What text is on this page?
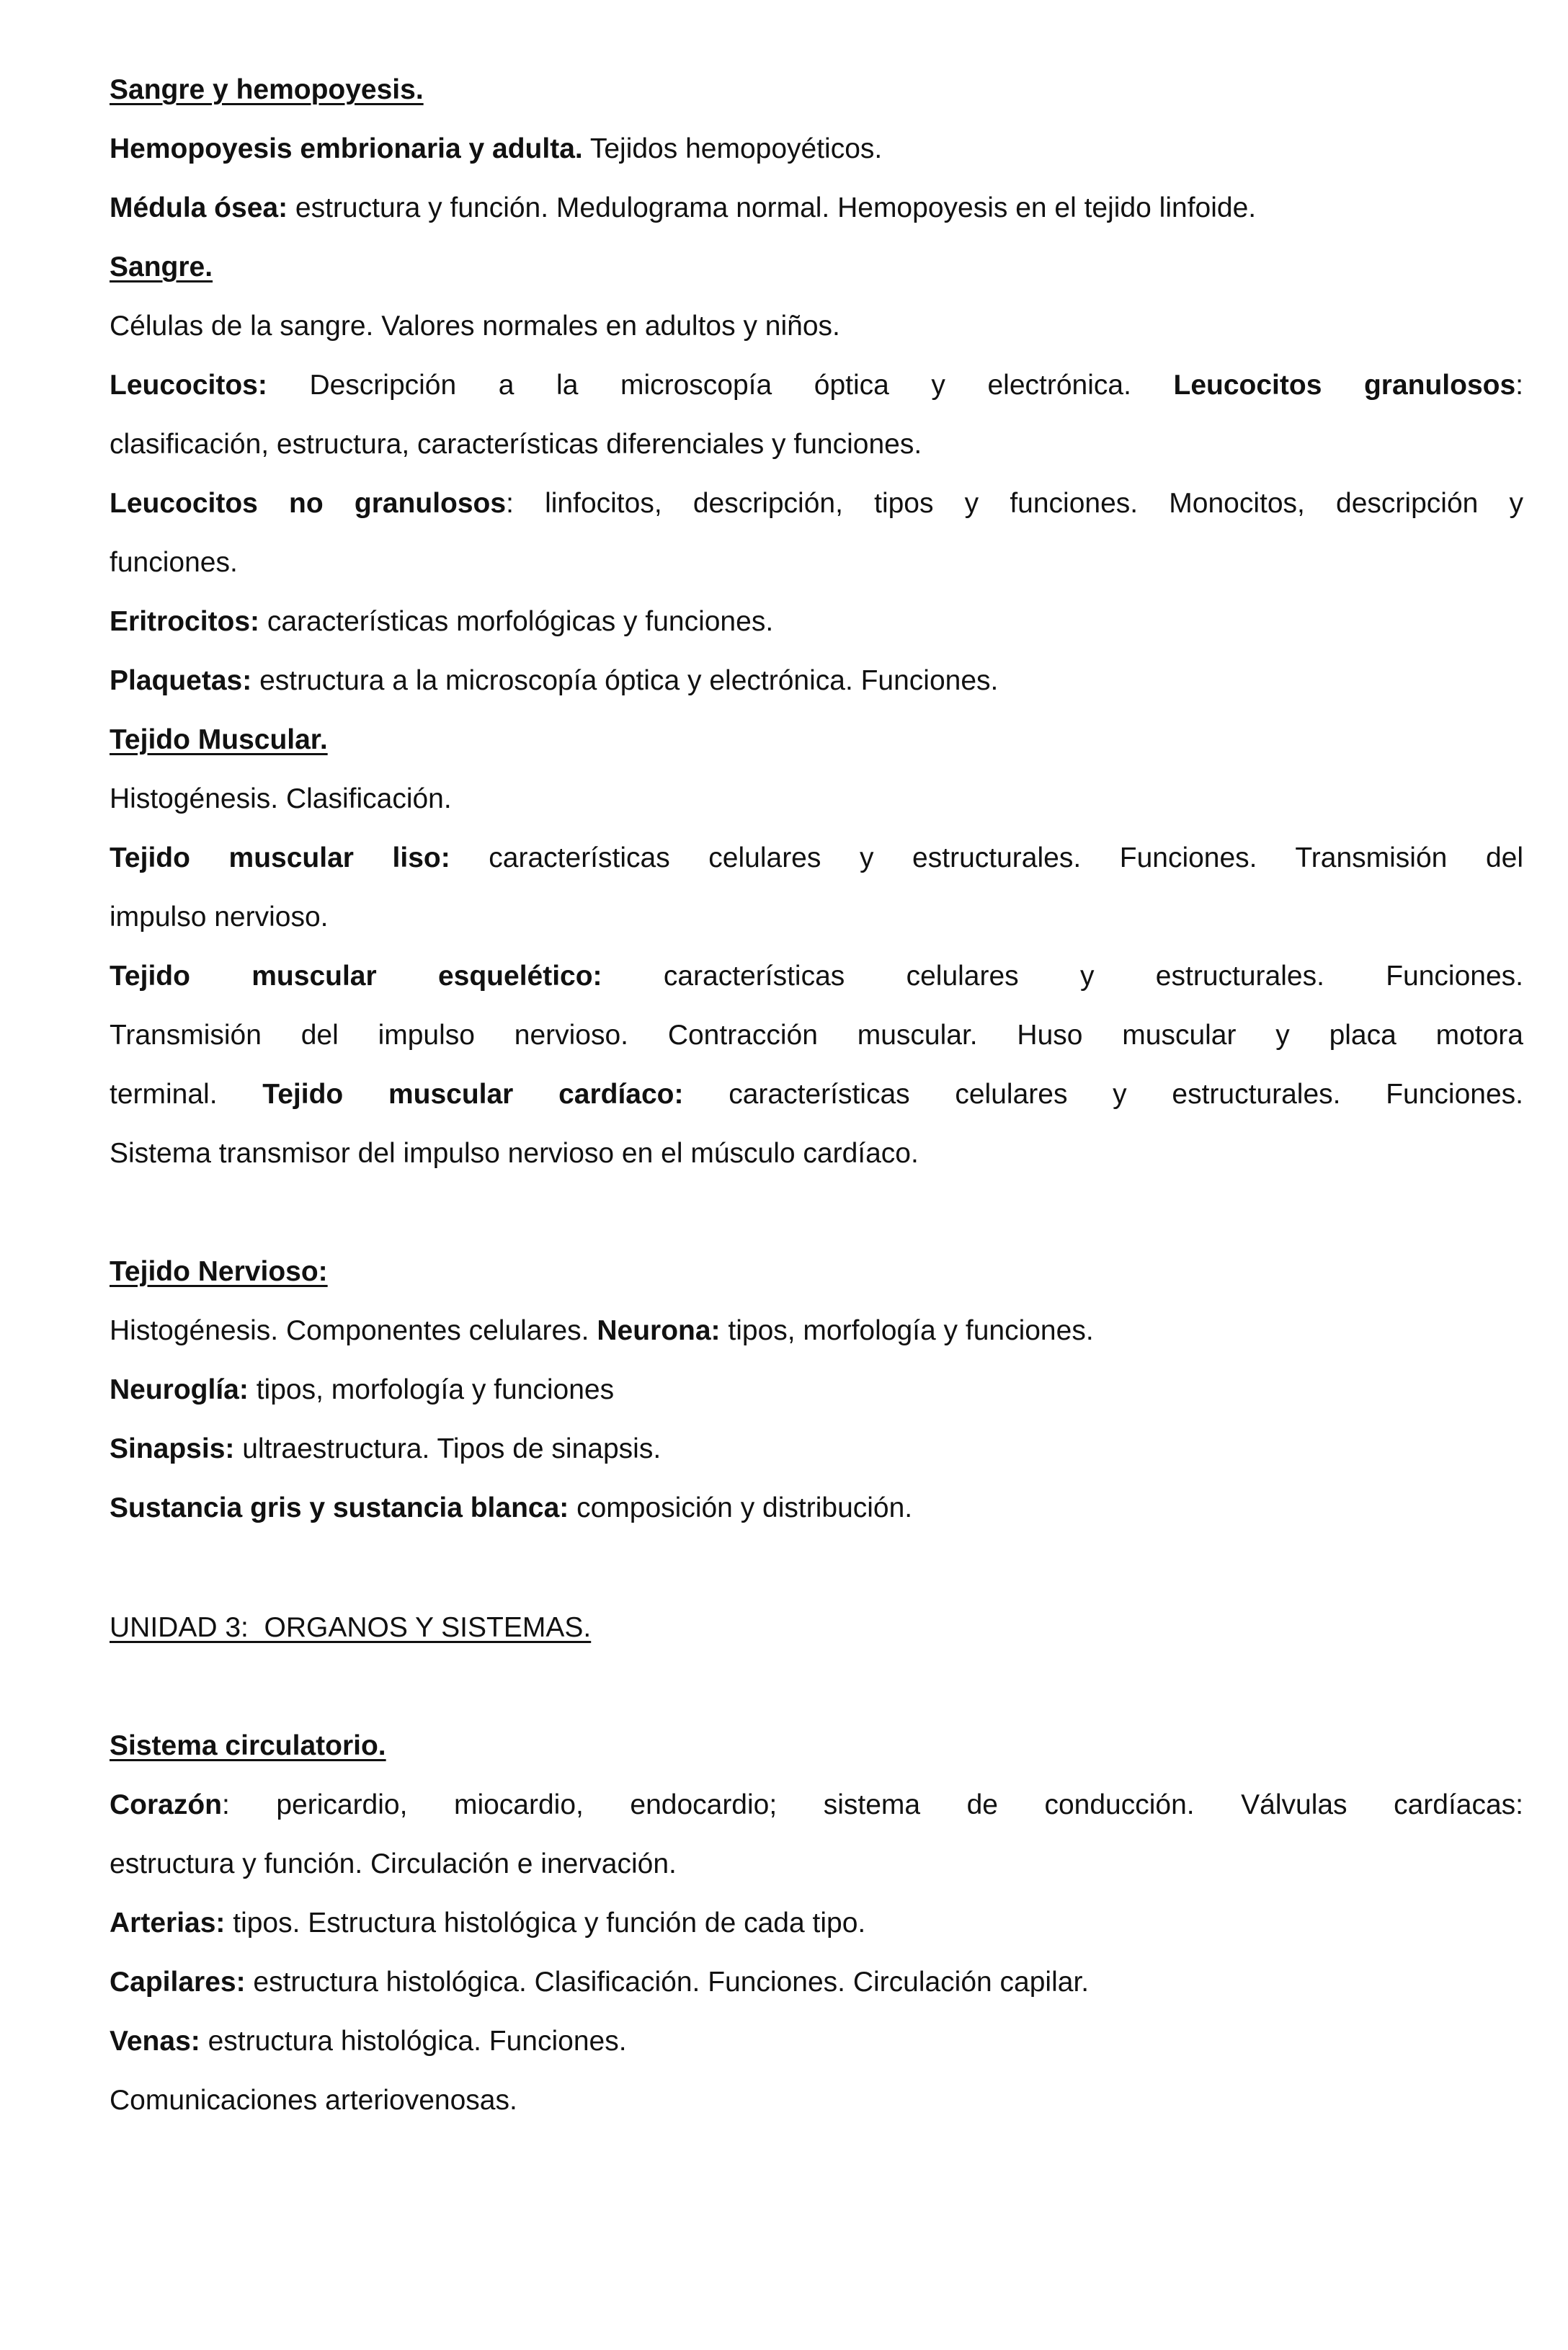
Sangre y hemopoyesis.
Hemopoyesis embrionaria y adulta. Tejidos hemopoyéticos.
Médula ósea: estructura y función. Medulograma normal. Hemopoyesis en el tejido linfoide.
Sangre.
Células de la sangre. Valores normales en adultos y niños.
Leucocitos: Descripción a la microscopía óptica y electrónica. Leucocitos granulosos:
clasificación, estructura, características diferenciales y funciones.
Leucocitos no granulosos: linfocitos, descripción, tipos y funciones. Monocitos, descripción y
funciones.
Eritrocitos: características morfológicas y funciones.
Plaquetas: estructura a la microscopía óptica y electrónica. Funciones.
Tejido Muscular.
Histogénesis. Clasificación.
Tejido muscular liso: características celulares y estructurales. Funciones. Transmisión del
impulso nervioso.
Tejido muscular esquelético: características celulares y estructurales. Funciones.
Transmisión del impulso nervioso. Contracción muscular. Huso muscular y placa motora
terminal. Tejido muscular cardíaco: características celulares y estructurales. Funciones.
Sistema transmisor del impulso nervioso en el músculo cardíaco.
Tejido Nervioso:
Histogénesis. Componentes celulares. Neurona: tipos, morfología y funciones.
Neuroglía: tipos, morfología y funciones
Sinapsis: ultraestructura. Tipos de sinapsis.
Sustancia gris y sustancia blanca: composición y distribución.
UNIDAD 3:  ORGANOS Y SISTEMAS.
Sistema circulatorio.
Corazón: pericardio, miocardio, endocardio; sistema de conducción. Válvulas cardíacas:
estructura y función. Circulación e inervación.
Arterias: tipos. Estructura histológica y función de cada tipo.
Capilares: estructura histológica. Clasificación. Funciones. Circulación capilar.
Venas: estructura histológica. Funciones.
Comunicaciones arteriovenosas.
